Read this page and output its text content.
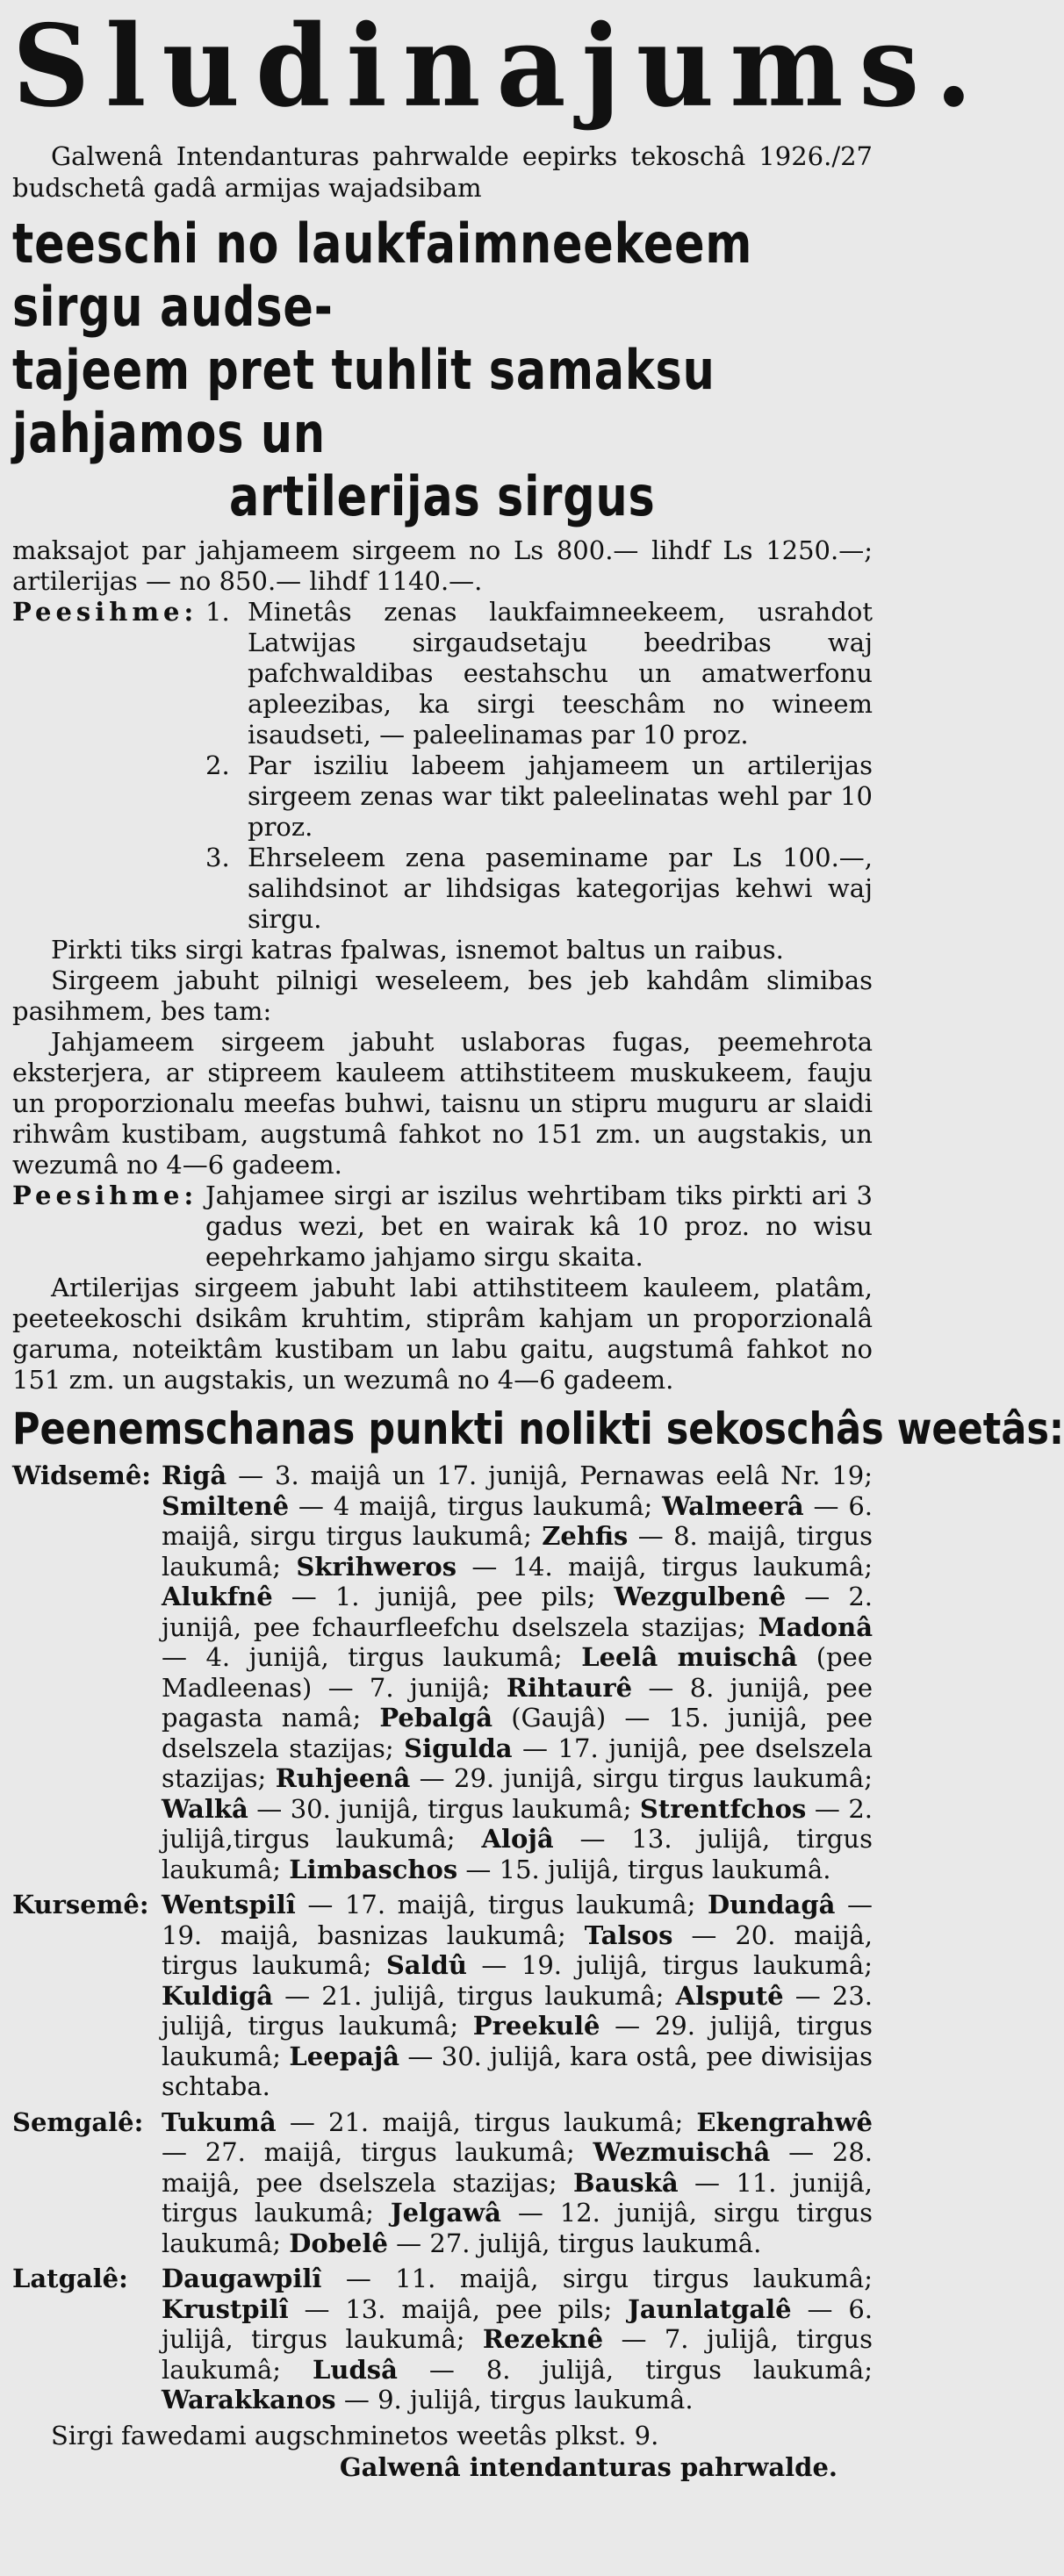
Sludinajums.

Galwenâ Intendanturas pahrwalde eepirks tekoschâ 1926./27 budschetâ gadâ armijas wajadsibam

teeschi no laukfaimneekeem sirgu audse-
tajeem pret tuhlit samaksu jahjamos un
artilerijas sirgus

maksajot par jahjameem sirgeem no Ls 800.— lihdf Ls 1250.—; artilerijas — no 850.— lihdf 1140.—.

Peesihme: 1. Minetâs zenas laukfaimneekeem, usrahdot Latwijas sirgaudsetaju beedribas waj pafchwaldibas eestahschu un amatwerfonu apleezibas, ka sirgi teeschâm no wineem isaudseti, — paleelinamas par 10 proz.
2. Par isziliu labeem jahjameem un artilerijas sirgeem zenas war tikt paleelinatas wehl par 10 proz.
3. Ehrseleem zena paseminame par Ls 100.—, salihdsinot ar lihdsigas kategorijas kehwi waj sirgu.

Pirkti tiks sirgi katras fpalwas, isnemot baltus un raibus.

Sirgeem jabuht pilnigi weseleem, bes jeb kahdâm slimibas pasihmem, bes tam:

Jahjameem sirgeem jabuht uslaboras fugas, peemehrota eksterjera, ar stipreem kauleem attihstiteem muskukeem, fauju un proporzionalu meefas buhwi, taisnu un stipru muguru ar slaidi rihwâm kustibam, augstumâ fahkot no 151 zm. un augstakis, un wezumâ no 4—6 gadeem.

Peesihme: Jahjamee sirgi ar iszilus wehrtibam tiks pirkti ari 3 gadus wezi, bet en wairak kâ 10 proz. no wisu eepehrkamo jahjamo sirgu skaita.

Artilerijas sirgeem jabuht labi attihstiteem kauleem, platâm, peeteekoschi dsikâm kruhtim, stiprâm kahjam un proporzionalâ garuma, noteiktâm kustibam un labu gaitu, augstumâ fahkot no 151 zm. un augstakis, un wezumâ no 4—6 gadeem.

Peenemschanas punkti nolikti sekoschâs weetâs:
Widsemê: Rigâ — 3. maijâ un 17. junijâ, Pernawas eelâ Nr. 19; Smiltenê — 4 maijâ, tirgus laukumâ; Walmeerâ — 6. maijâ, sirgu tirgus laukumâ; Zehfis — 8. maijâ, tirgus laukumâ; Skrihweros — 14. maijâ, tirgus laukumâ; Alukfnê — 1. junijâ, pee pils; Wezgulbenê — 2. junijâ, pee fchaurfleefchu dselszela stazijas; Madonâ — 4. junijâ, tirgus laukumâ; Leelâ muischâ (pee Madleenas) — 7. junijâ; Rihtaurê — 8. junijâ, pee pagasta namâ; Pebalgâ (Gaujâ) — 15. junijâ, pee dselszela stazijas; Sigulda — 17. junijâ, pee dselszela stazijas; Ruhjeenâ — 29. junijâ, sirgu tirgus laukumâ; Walkâ — 30. junijâ, tirgus laukumâ; Strentfchos — 2. julijâ,tirgus laukumâ; Alojâ — 13. julijâ, tirgus laukumâ; Limbaschos — 15. julijâ, tirgus laukumâ.
Kursemê: Wentspilî — 17. maijâ, tirgus laukumâ; Dundagâ — 19. maijâ, basnizas laukumâ; Talsos — 20. maijâ, tirgus laukumâ; Saldû — 19. julijâ, tirgus laukumâ; Kuldigâ — 21. julijâ, tirgus laukumâ; Alsputê — 23. julijâ, tirgus laukumâ; Preekulê — 29. julijâ, tirgus laukumâ; Leepajâ — 30. julijâ, kara ostâ, pee diwisijas schtaba.
Semgalê: Tukumâ — 21. maijâ, tirgus laukumâ; Ekengrahwê — 27. maijâ, tirgus laukumâ; Wezmuischâ — 28. maijâ, pee dselszela stazijas; Bauskâ — 11. junijâ, tirgus laukumâ; Jelgawâ — 12. junijâ, sirgu tirgus laukumâ; Dobelê — 27. julijâ, tirgus laukumâ.
Latgalê:	Daugawpilî — 11. maijâ, sirgu tirgus laukumâ; Krustpilî — 13. maijâ, pee pils; Jaunlatgalê — 6. julijâ, tirgus laukumâ; Rezeknê — 7. julijâ, tirgus laukumâ; Ludsâ — 8. julijâ, tirgus laukumâ; Warakkanos — 9. julijâ, tirgus laukumâ.

Sirgi fawedami augschminetos weetâs plkst. 9.

Galwenâ intendanturas pahrwalde.
